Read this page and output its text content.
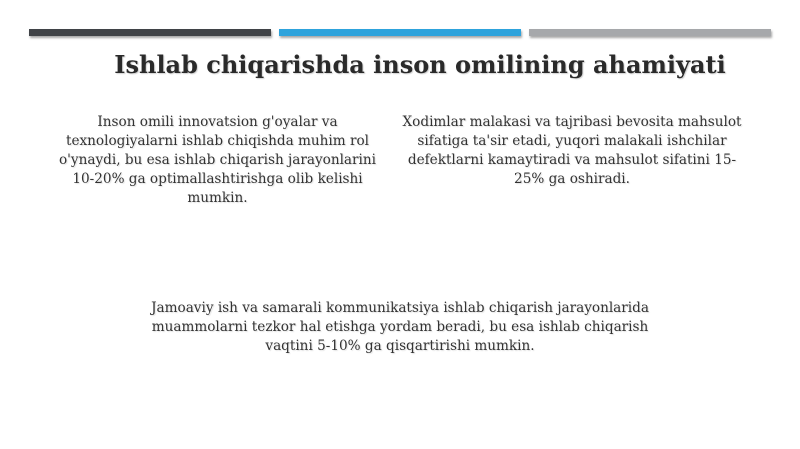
Ishlab chiqarishda inson omilining ahamiyati
Inson omili innovatsion g'oyalar va texnologiyalarni ishlab chiqishda muhim rol o'ynaydi, bu esa ishlab chiqarish jarayonlarini 10-20% ga optimallashtirishga olib kelishi mumkin.
Xodimlar malakasi va tajribasi bevosita mahsulot sifatiga ta'sir etadi, yuqori malakali ishchilar defektlarni kamaytiradi va mahsulot sifatini 15-25% ga oshiradi.
Jamoaviy ish va samarali kommunikatsiya ishlab chiqarish jarayonlarida muammolarni tezkor hal etishga yordam beradi, bu esa ishlab chiqarish vaqtini 5-10% ga qisqartirishi mumkin.
